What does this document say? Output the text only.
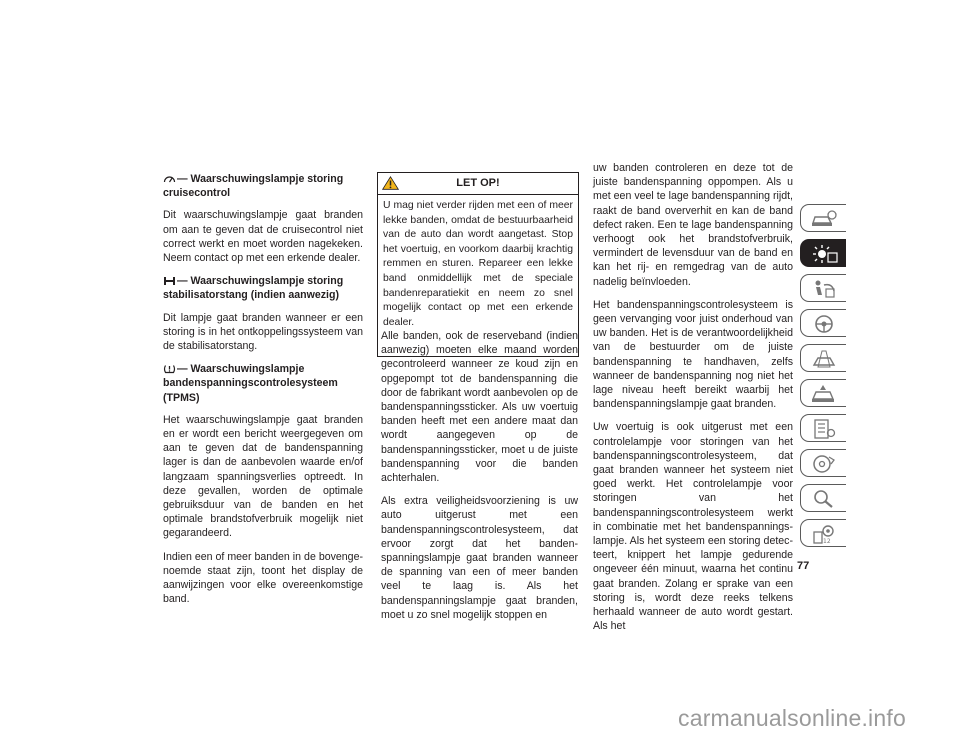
— Waarschuwingslampje storing
cruisecontrol

Dit waarschuwingslampje gaat branden om aan te geven dat de cruisecontrol niet correct werkt en moet worden nagekeken. Neem contact op met een erkende dealer.

— Waarschuwingslampje storing
stabilisatorstang (indien aanwezig)

Dit lampje gaat branden wanneer er een storing is in het ontkoppelingssysteem van de stabilisatorstang.

— Waarschuwingslampje
bandenspanningscontrolesysteem (TPMS)

Het waarschuwingslampje gaat branden en er wordt een bericht weergegeven om aan te geven dat de bandenspanning lager is dan de aanbevolen waarde en/of langzaam spanningsverlies optreedt. In deze gevallen, worden de optimale gebruiksduur van de banden en het optimale brandstofverbruik mogelijk niet gegarandeerd.

Indien een of meer banden in de bovengenoemde staat zijn, toont het display de aanwijzingen voor elke overeenkomstige band.

LET OP!
U mag niet verder rijden met een of meer lekke banden, omdat de bestuurbaarheid van de auto dan wordt aangetast. Stop het voertuig, en voorkom daarbij krachtig remmen en sturen. Repareer een lekke band onmiddellijk met de speciale bandenreparatiekit en neem zo snel mogelijk contact op met een erkende dealer.

Alle banden, ook de reserveband (indien aanwezig) moeten elke maand worden gecontroleerd wanneer ze koud zijn en opgepompt tot de bandenspanning die door de fabrikant wordt aanbevolen op de bandenspanningssticker. Als uw voertuig banden heeft met een andere maat dan wordt aangegeven op de bandenspanningssticker, moet u de juiste bandenspanning voor die banden achterhalen.

Als extra veiligheidsvoorziening is uw auto uitgerust met een bandenspanningscontrolesysteem, dat ervoor zorgt dat het bandenspanningslampje gaat branden wanneer de spanning van een of meer banden veel te laag is. Als het bandenspanningslampje gaat branden, moet u zo snel mogelijk stoppen en

uw banden controleren en deze tot de juiste bandenspanning oppompen. Als u met een veel te lage bandenspanning rijdt, raakt de band oververhit en kan de band defect raken. Een te lage bandenspanning verhoogt ook het brandstofverbruik, vermindert de levensduur van de band en kan het rij- en remgedrag van de auto nadelig beïnvloeden.

Het bandenspanningscontrolesysteem is geen vervanging voor juist onderhoud van uw banden. Het is de verantwoordelijkheid van de bestuurder om de juiste bandenspanning te handhaven, zelfs wanneer de bandenspanning nog niet het lage niveau heeft bereikt waarbij het bandenspanningslampje gaat branden.

Uw voertuig is ook uitgerust met een controlelampje voor storingen van het bandenspanningscontrolesysteem, dat gaat branden wanneer het systeem niet goed werkt. Het controlelampje voor storingen van het bandenspanningscontrolesysteem werkt in combinatie met het bandenspanningslampje. Als het systeem een storing detecteert, knippert het lampje gedurende ongeveer één minuut, waarna het continu gaat branden. Zolang er sprake van een storing is, wordt deze reeks telkens herhaald wanneer de auto wordt gestart. Als het

77
12
carmanualsonline.info
